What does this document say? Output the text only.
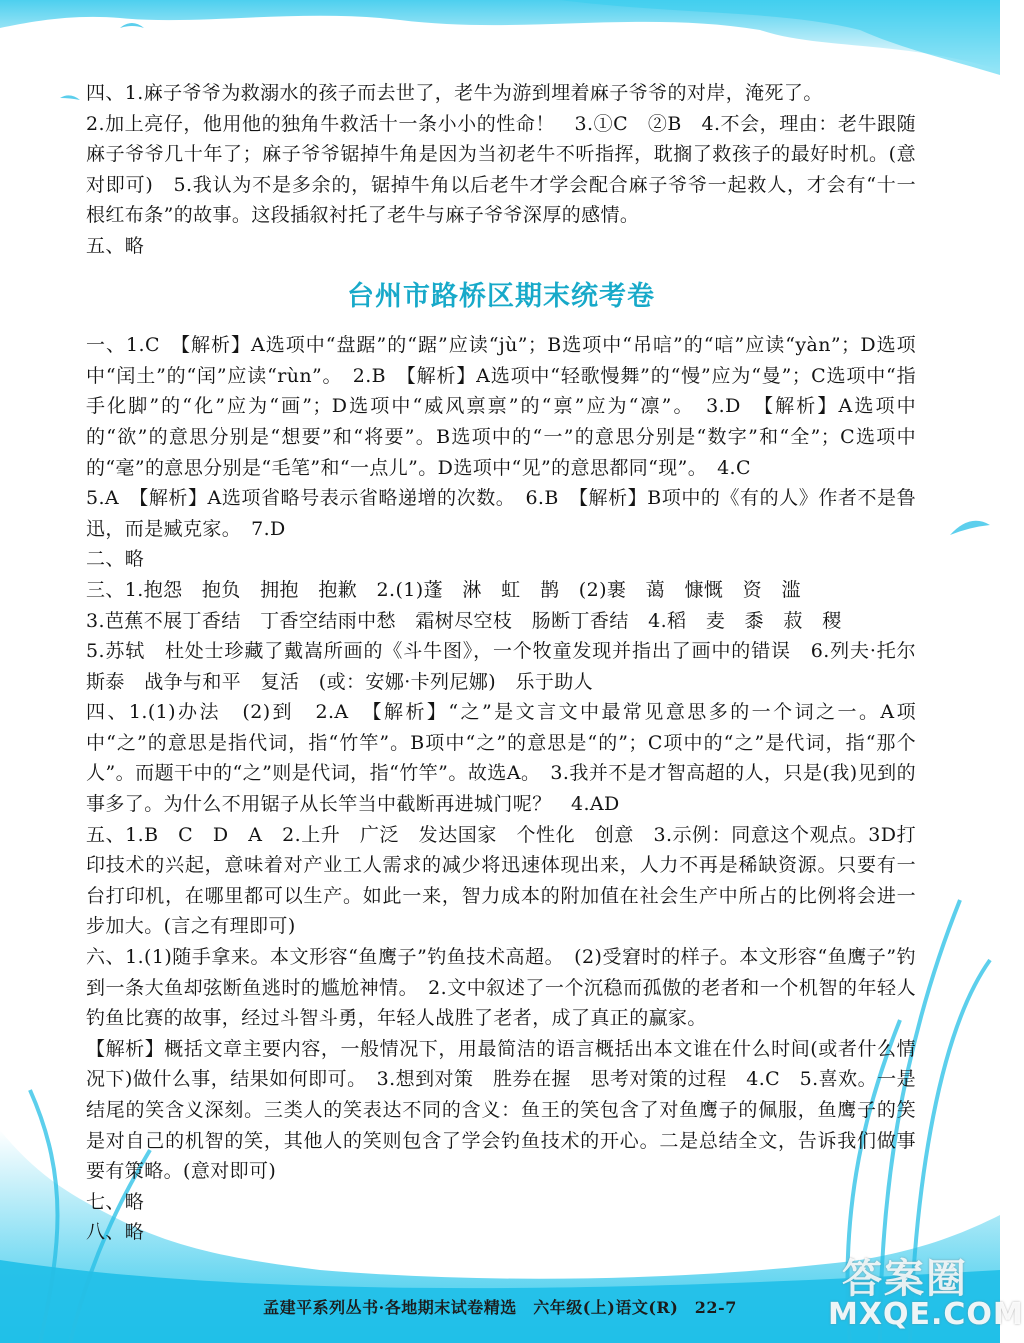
四、1.麻子爷爷为救溺水的孩子而去世了，老牛为游到埋着麻子爷爷的对岸，淹死了。

2.加上亮仔，他用他的独角牛救活十一条小小的性命！　3.①C　②B　4.不会，理由：老牛跟随麻子爷爷几十年了；麻子爷爷锯掉牛角是因为当初老牛不听指挥，耽搁了救孩子的最好时机。(意对即可)　5.我认为不是多余的，锯掉牛角以后老牛才学会配合麻子爷爷一起救人，才会有“十一根红布条”的故事。这段插叙衬托了老牛与麻子爷爷深厚的感情。

五、略

台州市路桥区期末统考卷

一、1.C　【解析】A选项中“盘踞”的“踞”应读“jù”；B选项中“吊唁”的“唁”应读“yàn”；D选项中“闰土”的“闰”应读“rùn”。　2.B　【解析】A选项中“轻歌慢舞”的“慢”应为“曼”；C选项中“指手化脚”的“化”应为“画”；D选项中“威风禀禀”的“禀”应为“凛”。　3.D　【解析】A选项中的“欲”的意思分别是“想要”和“将要”。B选项中的“一”的意思分别是“数字”和“全”；C选项中的“毫”的意思分别是“毛笔”和“一点儿”。D选项中“见”的意思都同“现”。　4.C

5.A　【解析】A选项省略号表示省略递增的次数。　6.B　【解析】B项中的《有的人》作者不是鲁迅，而是臧克家。　7.D

二、略

三、1.抱怨　抱负　拥抱　抱歉　2.(1)蓬　淋　虹　鹊　(2)裹　蔼　慷慨　资　滥

3.芭蕉不展丁香结　丁香空结雨中愁　霜树尽空枝　肠断丁香结　4.稻　麦　黍　菽　稷

5.苏轼　杜处士珍藏了戴嵩所画的《斗牛图》，一个牧童发现并指出了画中的错误　6.列夫·托尔斯泰　战争与和平　复活　(或：安娜·卡列尼娜)　乐于助人

四、1.(1)办法　(2)到　2.A　【解析】“之”是文言文中最常见意思多的一个词之一。A项中“之”的意思是指代词，指“竹竿”。B项中“之”的意思是“的”；C项中的“之”是代词，指“那个人”。而题干中的“之”则是代词，指“竹竿”。故选A。　3.我并不是才智高超的人，只是(我)见到的事多了。为什么不用锯子从长竿当中截断再进城门呢？　4.AD

五、1.B　C　D　A　2.上升　广泛　发达国家　个性化　创意　3.示例：同意这个观点。3D打印技术的兴起，意味着对产业工人需求的减少将迅速体现出来，人力不再是稀缺资源。只要有一台打印机，在哪里都可以生产。如此一来，智力成本的附加值在社会生产中所占的比例将会进一步加大。(言之有理即可)

六、1.(1)随手拿来。本文形容“鱼鹰子”钓鱼技术高超。　(2)受窘时的样子。本文形容“鱼鹰子”钓到一条大鱼却弦断鱼逃时的尴尬神情。　2.文中叙述了一个沉稳而孤傲的老者和一个机智的年轻人钓鱼比赛的故事，经过斗智斗勇，年轻人战胜了老者，成了真正的赢家。

【解析】概括文章主要内容，一般情况下，用最简洁的语言概括出本文谁在什么时间(或者什么情况下)做什么事，结果如何即可。　3.想到对策　胜券在握　思考对策的过程　4.C　5.喜欢。一是结尾的笑含义深刻。三类人的笑表达不同的含义：鱼王的笑包含了对鱼鹰子的佩服，鱼鹰子的笑是对自己的机智的笑，其他人的笑则包含了学会钓鱼技术的开心。二是总结全文，告诉我们做事要有策略。(意对即可)

七、略

八、略

孟建平系列丛书·各地期末试卷精选　六年级(上)语文(R)　22-7
答案圈
MXQE.COM
